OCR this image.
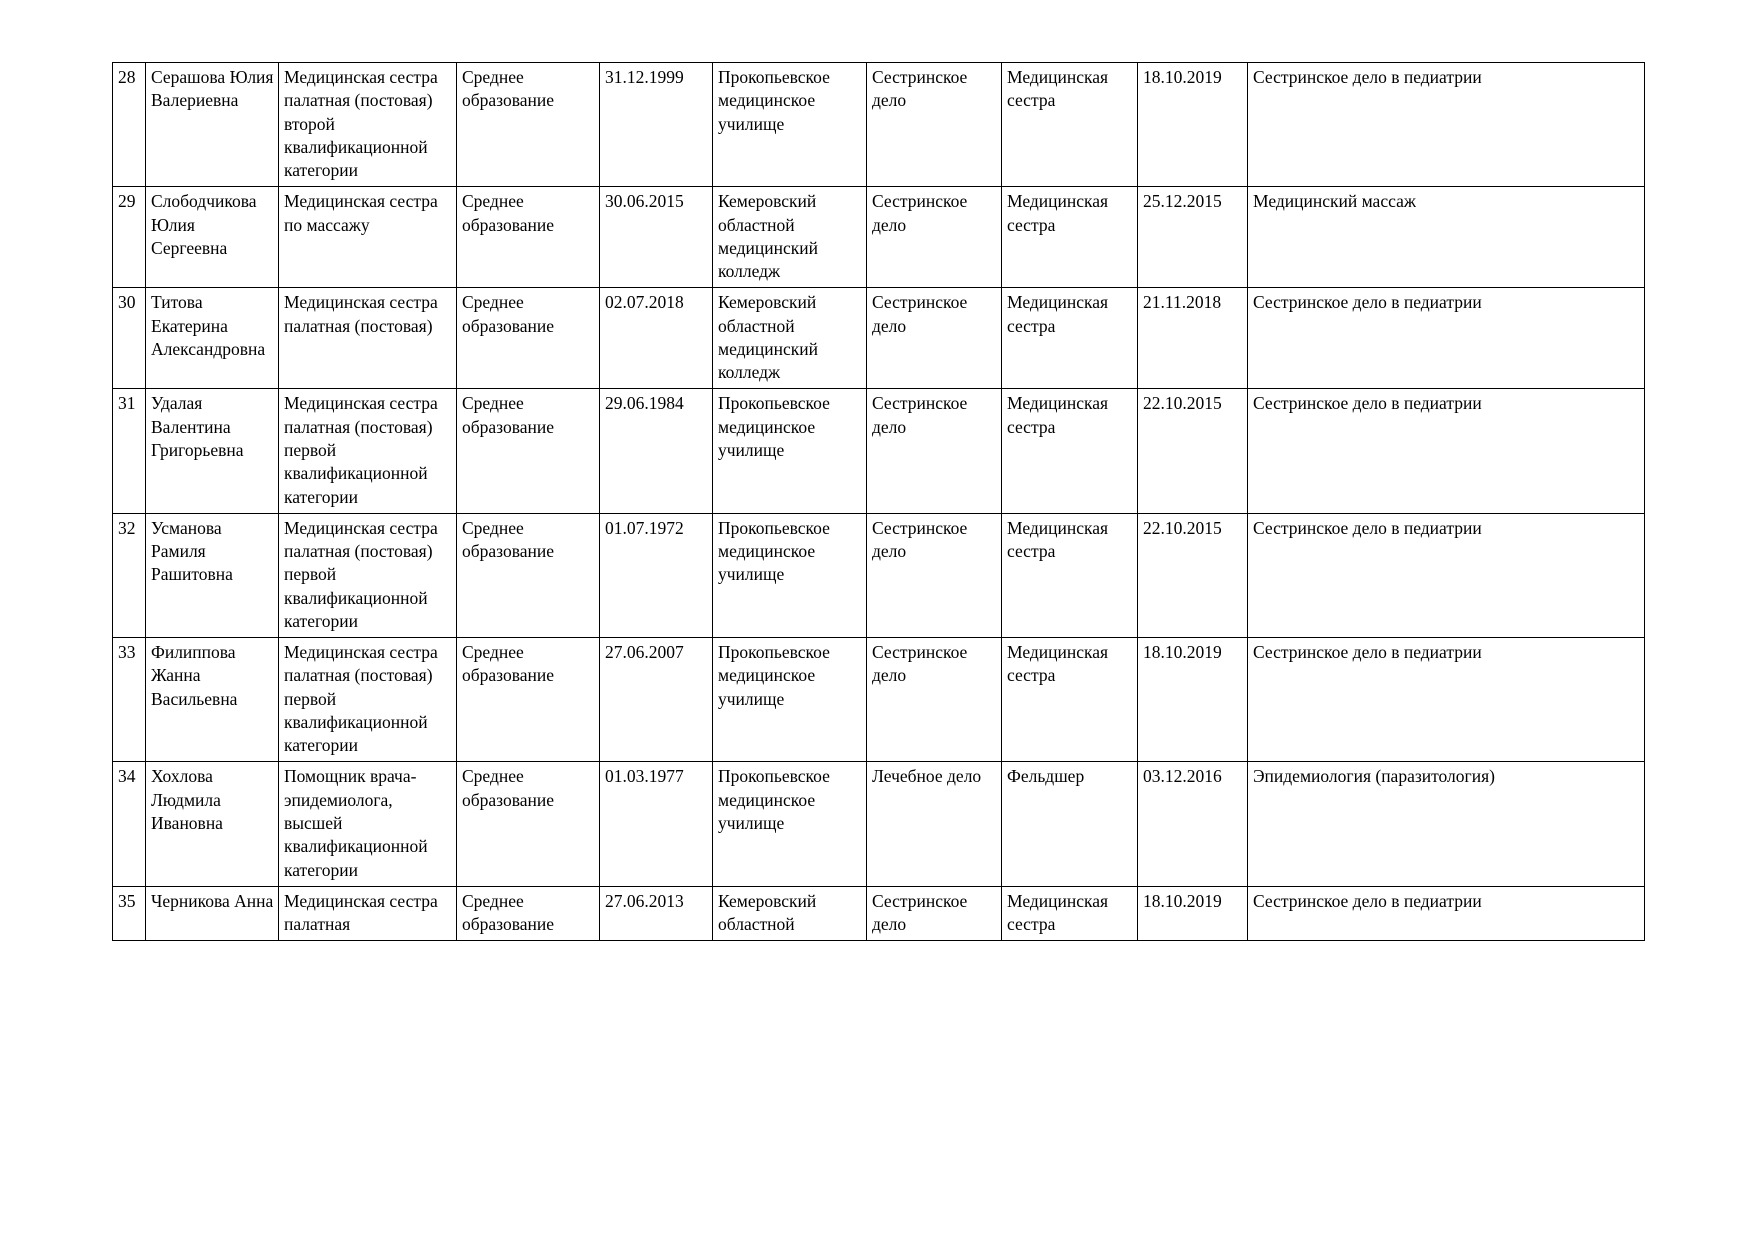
28	Серашова Юлия Валериевна	Медицинская сестра палатная (постовая) второй квалификационной категории	Среднее образование	31.12.1999	Прокопьевское медицинское училище	Сестринское дело	Медицинская сестра	18.10.2019	Сестринское дело в педиатрии

29	Слободчикова Юлия Сергеевна	Медицинская сестра по массажу	Среднее образование	30.06.2015	Кемеровский областной медицинский колледж	Сестринское дело	Медицинская сестра	25.12.2015	Медицинский массаж

30	Титова Екатерина Александровна	Медицинская сестра палатная (постовая)	Среднее образование	02.07.2018	Кемеровский областной медицинский колледж	Сестринское дело	Медицинская сестра	21.11.2018	Сестринское дело в педиатрии

31	Удалая Валентина Григорьевна	Медицинская сестра палатная (постовая) первой квалификационной категории	Среднее образование	29.06.1984	Прокопьевское медицинское училище	Сестринское дело	Медицинская сестра	22.10.2015	Сестринское дело в педиатрии

32	Усманова Рамиля Рашитовна	Медицинская сестра палатная (постовая) первой квалификационной категории	Среднее образование	01.07.1972	Прокопьевское медицинское училище	Сестринское дело	Медицинская сестра	22.10.2015	Сестринское дело в педиатрии

33	Филиппова Жанна Васильевна	Медицинская сестра палатная (постовая) первой квалификационной категории	Среднее образование	27.06.2007	Прокопьевское медицинское училище	Сестринское дело	Медицинская сестра	18.10.2019	Сестринское дело в педиатрии

34	Хохлова Людмила Ивановна	Помощник врача-эпидемиолога, высшей квалификационной категории	Среднее образование	01.03.1977	Прокопьевское медицинское училище	Лечебное дело	Фельдшер	03.12.2016	Эпидемиология (паразитология)

35	Черникова Анна	Медицинская сестра палатная	Среднее образование	27.06.2013	Кемеровский областной	Сестринское дело	Медицинская сестра	18.10.2019	Сестринское дело в педиатрии
